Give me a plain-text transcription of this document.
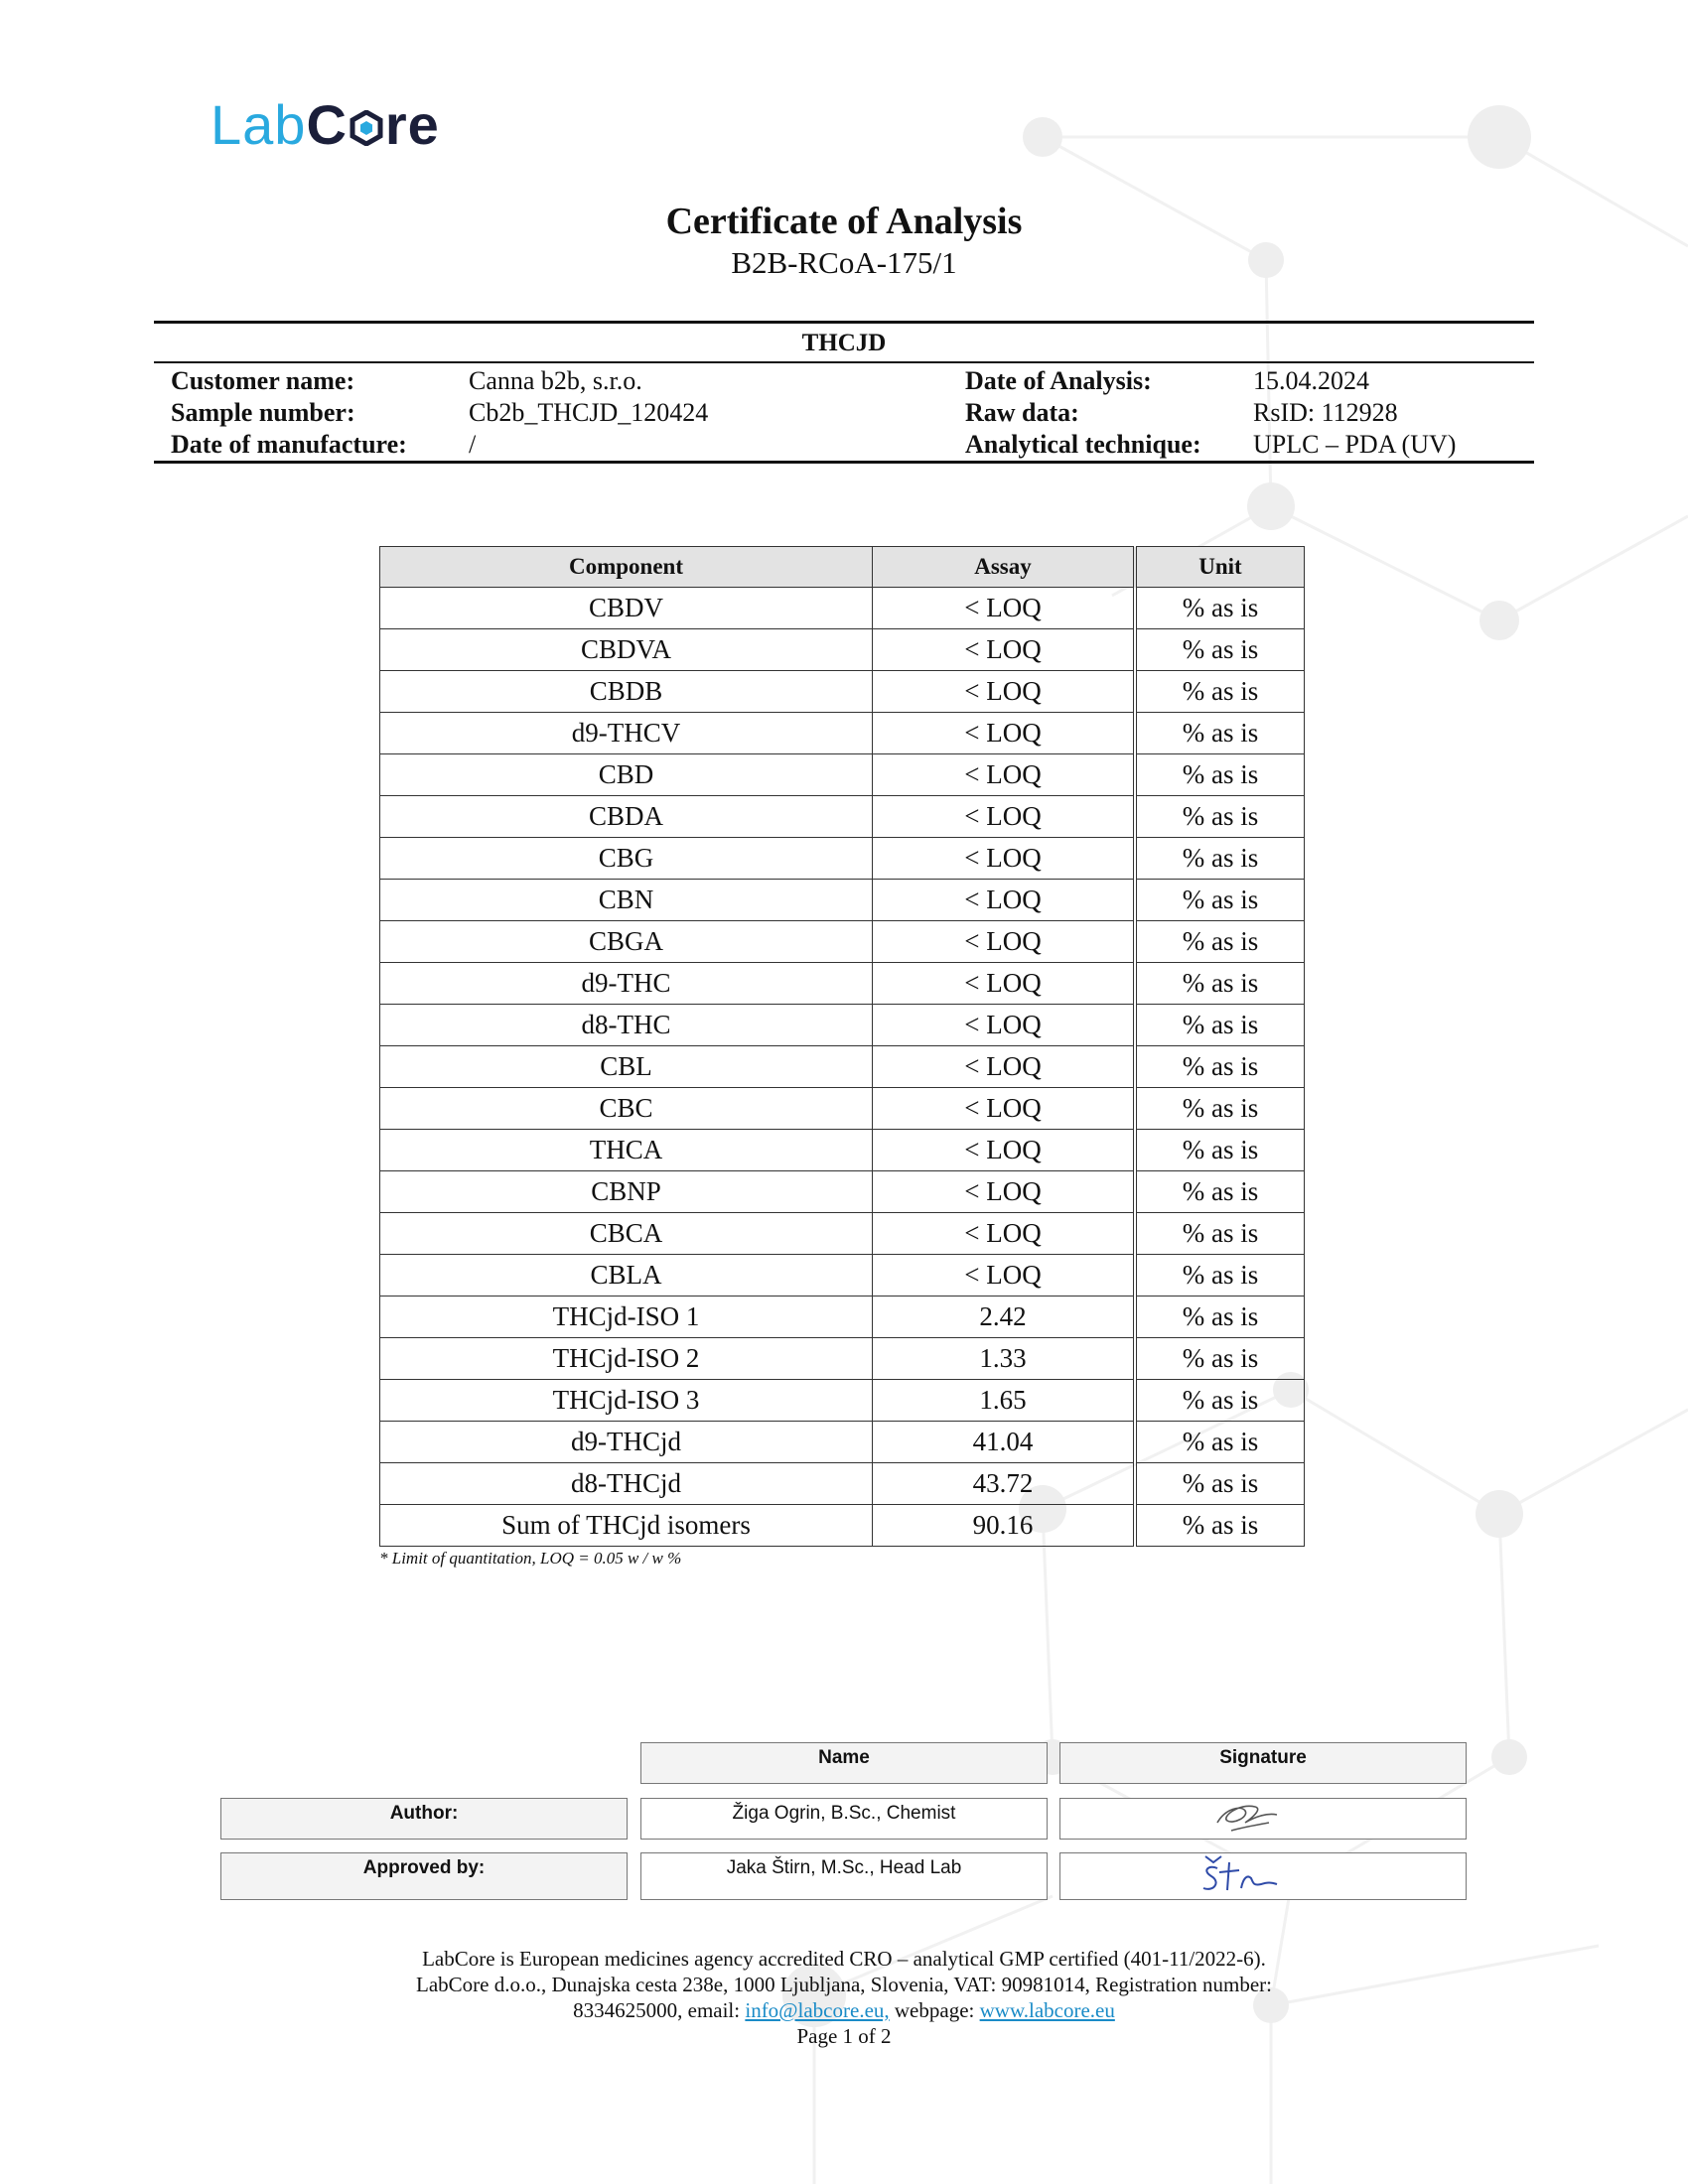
LabC re
Certificate of Analysis
B2B-RCoA-175/1
THCJD
Customer name:	Canna b2b, s.r.o.	Date of Analysis:	15.04.2024
Sample number:	Cb2b_THCJD_120424	Raw data:	RsID: 112928
Date of manufacture:	/	Analytical technique:	UPLC – PDA (UV)
Component	Assay	Unit
CBDV	< LOQ	% as is
CBDVA	< LOQ	% as is
CBDB	< LOQ	% as is
d9-THCV	< LOQ	% as is
CBD	< LOQ	% as is
CBDA	< LOQ	% as is
CBG	< LOQ	% as is
CBN	< LOQ	% as is
CBGA	< LOQ	% as is
d9-THC	< LOQ	% as is
d8-THC	< LOQ	% as is
CBL	< LOQ	% as is
CBC	< LOQ	% as is
THCA	< LOQ	% as is
CBNP	< LOQ	% as is
CBCA	< LOQ	% as is
CBLA	< LOQ	% as is
THCjd-ISO 1	2.42	% as is
THCjd-ISO 2	1.33	% as is
THCjd-ISO 3	1.65	% as is
d9-THCjd	41.04	% as is
d8-THCjd	43.72	% as is
Sum of THCjd isomers	90.16	% as is
* Limit of quantitation, LOQ = 0.05 w / w %
Name	Signature
Author:	Žiga Ogrin, B.Sc., Chemist
Approved by:	Jaka Štirn, M.Sc., Head Lab
LabCore is European medicines agency accredited CRO – analytical GMP certified (401-11/2022-6).
LabCore d.o.o., Dunajska cesta 238e, 1000 Ljubljana, Slovenia, VAT: 90981014, Registration number:
8334625000, email: info@labcore.eu, webpage: www.labcore.eu
Page 1 of 2
